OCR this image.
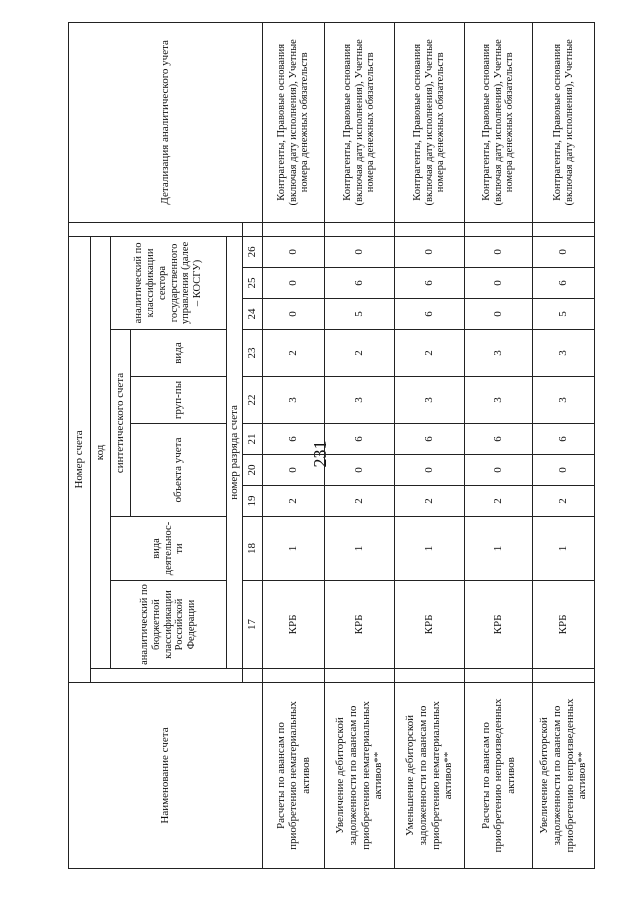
231
Наименование счета	Номер счета												Детализация аналитического учета
		код											
		аналитический по бюджетной классификации Российской Федерации	вида деятельнос-ти	синтетического счета					аналитический по классификации сектора государственного управления (далее – КОСГУ)				
				объекта учета			груп-пы	вида					
		номер разряда счета											
		17	18	19	20	21	22	23	24	25	26		
Расчеты по авансам по приобретению нематериальных активов		КРБ	1	2	0	6	3	2	0	0	0		Контрагенты, Правовые основания (включая дату исполнения), Учетные номера денежных обязательств
Увеличение дебиторской задолженности по авансам по приобретению нематериальных активов**		КРБ	1	2	0	6	3	2	5	6	0		Контрагенты, Правовые основания (включая дату исполнения), Учетные номера денежных обязательств
Уменьшение дебиторской задолженности по авансам по приобретению нематериальных активов**		КРБ	1	2	0	6	3	2	6	6	0		Контрагенты, Правовые основания (включая дату исполнения), Учетные номера денежных обязательств
Расчеты по авансам по приобретению непроизведенных активов		КРБ	1	2	0	6	3	3	0	0	0		Контрагенты, Правовые основания (включая дату исполнения), Учетные номера денежных обязательств
Увеличение дебиторской задолженности по авансам по приобретению непроизведенных активов**		КРБ	1	2	0	6	3	3	5	6	0		Контрагенты, Правовые основания (включая дату исполнения), Учетные
